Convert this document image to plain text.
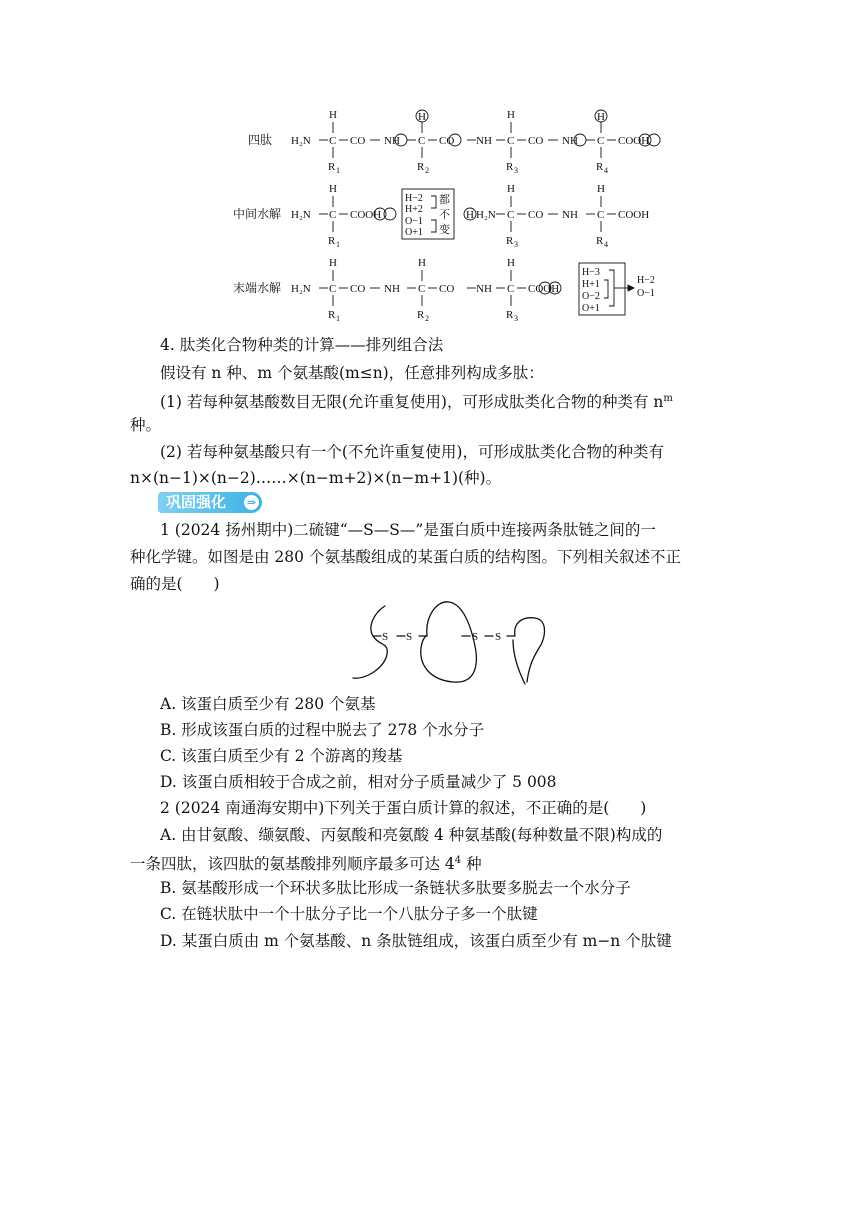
四肽
中间水解
末端水解
H₂N C CO NH C CO NH C CO NH C COOH
H	H	H	H
R 1	R 2	R 3	R 4
H₂N C COOH
H
R 1
H−2
H+2
O−1
O+1
都
不
变
H H₂N C CO NH C COOH
H	H
R 3	R 4
H₂N C CO NH C CO NH C COOH
H	H	H
R 1	R 2	R 3
H−3
H+1
O−2
O+1
H−2
O−1
4. 肽类化合物种类的计算——排列组合法
假设有 n 种、m 个氨基酸(m≤n)，任意排列构成多肽：
(1) 若每种氨基酸数目无限(允许重复使用)，可形成肽类化合物的种类有 $n^m$
种。
(2) 若每种氨基酸只有一个(不允许重复使用)，可形成肽类化合物的种类有
n×(n−1)×(n−2)……×(n−m+2)×(n−m+1)(种)。
巩固强化 ⇒
1 (2024 扬州期中)二硫键“—S—S—”是蛋白质中连接两条肽链之间的一
种化学键。如图是由 280 个氨基酸组成的某蛋白质的结构图。下列相关叙述不正
确的是(　　)
S S	S S
A. 该蛋白质至少有 280 个氨基
B. 形成该蛋白质的过程中脱去了 278 个水分子
C. 该蛋白质至少有 2 个游离的羧基
D. 该蛋白质相较于合成之前，相对分子质量减少了 5 008
2 (2024 南通海安期中)下列关于蛋白质计算的叙述，不正确的是(　　)
A. 由甘氨酸、缬氨酸、丙氨酸和亮氨酸 4 种氨基酸(每种数量不限)构成的
一条四肽，该四肽的氨基酸排列顺序最多可达 $4^4$ 种
B. 氨基酸形成一个环状多肽比形成一条链状多肽要多脱去一个水分子
C. 在链状肽中一个十肽分子比一个八肽分子多一个肽键
D. 某蛋白质由 m 个氨基酸、n 条肽链组成，该蛋白质至少有 m−n 个肽键
